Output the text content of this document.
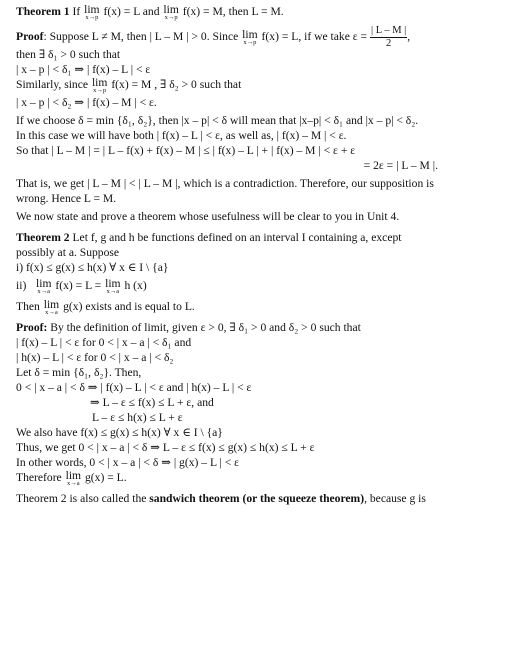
Theorem 1 If lim
x→p f(x) = L and lim
x→p f(x) = M, then L = M.

Proof: Suppose L ≠ M, then | L – M | > 0. Since lim
x→p f(x) = L, if we take $\varepsilon = \frac{| L - M |}{2}$ ,

then ∃ δ₁ > 0 such that

| x – p | < δ₁ ⇒ | f(x) – L | < ε

Similarly, since lim
x→p f(x) = M , ∃ δ₂ > 0 such that

| x – p | < δ₂ ⇒ | f(x) – M | < ε.

If we choose δ = min {δ₁, δ₂}, then |x – p| < δ will mean that |x–p| < δ₁ and |x – p| < δ₂.

In this case we will have both | f(x) – L | < ε, as well as, | f(x) – M | < ε.

So that | L – M | = | L – f(x) + f(x) – M | ≤ | f(x) – L | + | f(x) – M | < ε + ε

= 2ε = | L – M |.

That is, we get | L – M | < | L – M |, which is a contradiction. Therefore, our supposition is

wrong. Hence L = M.

We now state and prove a theorem whose usefulness will be clear to you in Unit 4.

Theorem 2 Let f, g and h be functions defined on an interval I containing a, except

possibly at a. Suppose

i) f(x) ≤ g(x) ≤ h(x) ∀ x ∈ I \ {a}

ii) lim
x→a f(x) = L = lim
x→a h (x)

Then lim
x→a g(x) exists and is equal to L.

Proof: By the definition of limit, given ε > 0, ∃ δ₁ > 0 and δ₂ > 0 such that

| f(x) – L | < ε for 0 < | x – a | < δ₁ and

| h(x) – L | < ε for 0 < | x – a | < δ₂

Let δ = min {δ₁, δ₂}. Then,

0 < | x – a | < δ ⇒ | f(x) – L | < ε and | h(x) – L | < ε

⇒ L – ε ≤ f(x) ≤ L + ε, and

L – ε ≤ h(x) ≤ L + ε

We also have f(x) ≤ g(x) ≤ h(x) ∀ x ∈ I \ {a}

Thus, we get 0 < | x – a | < δ ⇒ L – ε ≤ f(x) ≤ g(x) ≤ h(x) ≤ L + ε

In other words, 0 < | x – a | < δ ⇒ | g(x) – L | < ε

Therefore lim
x→a g(x) = L.

Theorem 2 is also called the sandwich theorem (or the squeeze theorem), because g is
